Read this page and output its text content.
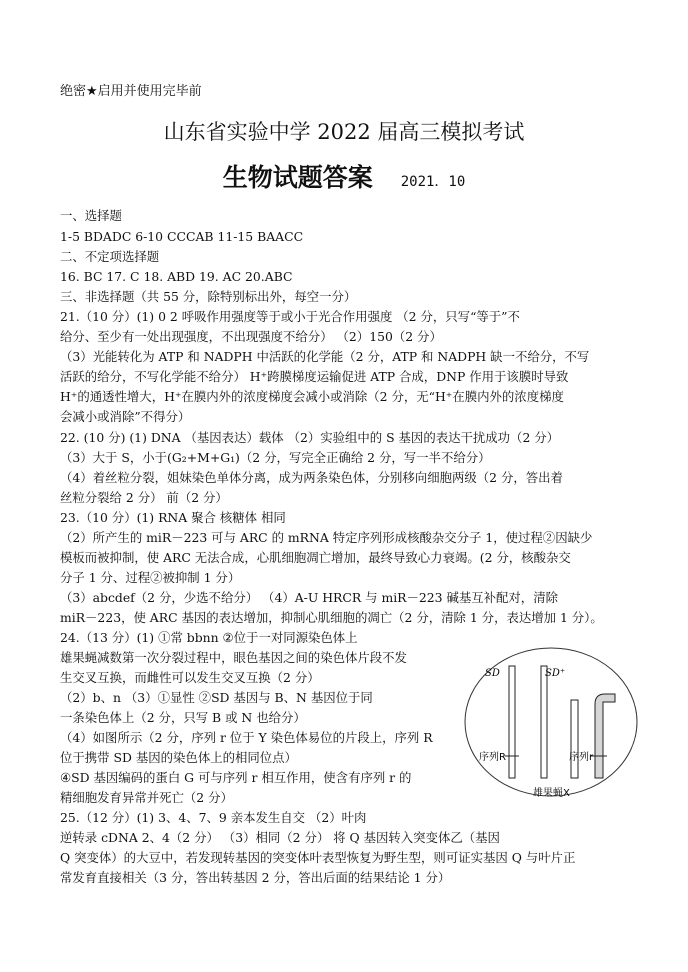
绝密★启用并使用完毕前
山东省实验中学 2022 届高三模拟考试
生物试题答案 2021．10
一、选择题
1-5 BDADC 6-10 CCCAB 11-15 BAACC
二、不定项选择题
16. BC 17. C 18. ABD 19. AC 20.ABC
三、非选择题（共 55 分，除特别标出外，每空一分）
21.（10 分）(1) 0 2 呼吸作用强度等于或小于光合作用强度 （2 分，只写“等于”不
给分、至少有一处出现强度，不出现强度不给分） （2）150（2 分）
（3）光能转化为 ATP 和 NADPH 中活跃的化学能（2 分，ATP 和 NADPH 缺一不给分，不写
活跃的给分，不写化学能不给分） H⁺跨膜梯度运输促进 ATP 合成，DNP 作用于该膜时导致
H⁺的通透性增大，H⁺在膜内外的浓度梯度会减小或消除（2 分，无“H⁺在膜内外的浓度梯度
会减小或消除”不得分）
22. (10 分) (1) DNA （基因表达）载体 （2）实验组中的 S 基因的表达干扰成功（2 分）
（3）大于 S，小于(G₂+M+G₁)（2 分，写完全正确给 2 分，写一半不给分）
（4）着丝粒分裂，姐妹染色单体分离，成为两条染色体，分别移向细胞两级（2 分，答出着
丝粒分裂给 2 分） 前（2 分）
23.（10 分）(1) RNA 聚合 核糖体 相同
（2）所产生的 miR－223 可与 ARC 的 mRNA 特定序列形成核酸杂交分子 1，使过程②因缺少
模板而被抑制，使 ARC 无法合成，心肌细胞凋亡增加，最终导致心力衰竭。(2 分，核酸杂交
分子 1 分、过程②被抑制 1 分）
（3）abcdef（2 分，少选不给分） （4）A-U HRCR 与 miR－223 碱基互补配对，清除
miR－223，使 ARC 基因的表达增加，抑制心肌细胞的凋亡（2 分，清除 1 分，表达增加 1 分）。
24.（13 分）(1) ①常 bbnn ②位于一对同源染色体上
雄果蝇减数第一次分裂过程中，眼色基因之间的染色体片段不发
生交叉互换，而雌性可以发生交叉互换（2 分）
（2）b、n （3）①显性 ②SD 基因与 B、N 基因位于同
一条染色体上（2 分，只写 B 或 N 也给分）
（4）如图所示（2 分，序列 r 位于 Y 染色体易位的片段上，序列 R
位于携带 SD 基因的染色体上的相同位点）
④SD 基因编码的蛋白 G 可与序列 r 相互作用，使含有序列 r 的
精细胞发育异常并死亡（2 分）
25.（12 分）(1) 3、4、7、9 亲本发生自交 （2）叶肉
逆转录 cDNA 2、4（2 分） （3）相同（2 分） 将 Q 基因转入突变体乙（基因
Q 突变体）的大豆中，若发现转基因的突变体叶表型恢复为野生型，则可证实基因 Q 与叶片正
常发育直接相关（3 分，答出转基因 2 分，答出后面的结果结论 1 分）
SD	SD⁺
序列R	序列r
雄果蝇X
